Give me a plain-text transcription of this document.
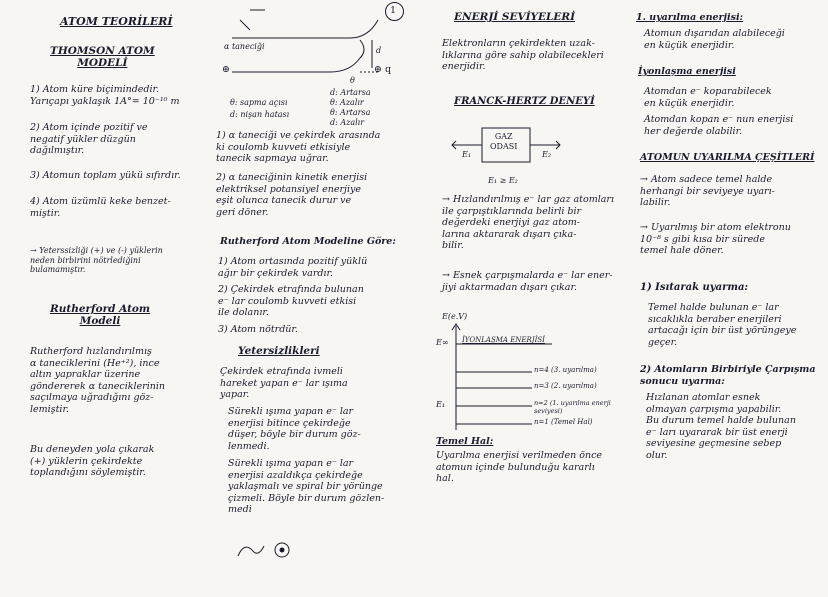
1
ATOM TEORİLERİ
THOMSON ATOM
MODELİ
1) Atom küre biçimindedir.
Yarıçapı yaklaşık 1A°= 10⁻¹⁰ m
2) Atom içinde pozitif ve
negatif yükler düzgün
dağılmıştır.
3) Atomun toplam yükü sıfırdır.
4) Atom üzümlü keke benzet-
miştir.
→ Yeterssizliği (+) ve (-) yüklerin
neden birbirini nötrlediğini
bulamamıştır.
Rutherford Atom
Modeli
Rutherford hızlandırılmış
α taneciklerini (He⁺²), ince
altın yapraklar üzerine
göndererek α taneciklerinin
saçılmaya uğradığını göz-
lemiştir.
Bu deneyden yola çıkarak
(+) yüklerin çekirdekte
toplandığını söylemiştir.
α taneciği	d
⊕	⊕ q
θ
θ: sapma açısı
d: nişan hatası
d: Artarsa
θ: Azalır
θ: Artarsa
d: Azalır
1) α taneciği ve çekirdek arasında
ki coulomb kuvveti etkisiyle
tanecik sapmaya uğrar.
2) α taneciğinin kinetik enerjisi
elektriksel potansiyel enerjiye
eşit olunca tanecik durur ve
geri döner.
Rutherford Atom Modeline Göre:
1) Atom ortasında pozitif yüklü
ağır bir çekirdek vardır.
2) Çekirdek etrafında bulunan
e⁻ lar coulomb kuvveti etkisi
ile dolanır.
3) Atom nötrdür.
Yetersizlikleri
Çekirdek etrafında ivmeli
hareket yapan e⁻ lar ışıma
yapar.
Sürekli ışıma yapan e⁻ lar
enerjisi bitince çekirdeğe
düşer, böyle bir durum göz-
lenmedi.
Sürekli ışıma yapan e⁻ lar
enerjisi azaldıkça çekirdeğe
yaklaşmalı ve spiral bir yörünge
çizmeli. Böyle bir durum gözlen-
medi
ENERJİ SEVİYELERİ
Elektronların çekirdekten uzak-
lıklarına göre sahip olabilecekleri
enerjidir.
FRANCK-HERTZ DENEYİ
GAZ
ODASI
E₁	E₂
E₁ ≥ E₂
→ Hızlandırılmış e⁻ lar gaz atomları
ile çarpıştıklarında belirli bir
değerdeki enerjiyi gaz atom-
larına aktararak dışarı çıka-
bilir.
→ Esnek çarpışmalarda e⁻ lar ener-
jiyi aktarmadan dışarı çıkar.
E(e.V)
E∞ İYONLAŞMA ENERJİSİ
E₁
n=4 (3. uyarılma)
n=3 (2. uyarılma)
n=2 (1. uyarılma enerji seviyesi)
n=1 (Temel Hal)
Temel Hal:
Uyarılma enerjisi verilmeden önce
atomun içinde bulunduğu kararlı
hal.
1. uyarılma enerjisi:
Atomun dışarıdan alabileceği
en küçük enerjidir.
İyonlaşma enerjisi
Atomdan e⁻ koparabilecek
en küçük enerjidir.
Atomdan kopan e⁻ nun enerjisi
her değerde olabilir.
ATOMUN UYARILMA ÇEŞİTLERİ
→ Atom sadece temel halde
herhangi bir seviyeye uyarı-
labilir.
→ Uyarılmış bir atom elektronu
10⁻⁸ s gibi kısa bir sürede
temel hale döner.
1) Isıtarak uyarma:
Temel halde bulunan e⁻ lar
sıcaklıkla beraber enerjileri
artacağı için bir üst yörüngeye
geçer.
2) Atomların Birbiriyle Çarpışma
sonucu uyarma:
Hızlanan atomlar esnek
olmayan çarpışma yapabilir.
Bu durum temel halde bulunan
e⁻ ları uyararak bir üst enerji
seviyesine geçmesine sebep
olur.
